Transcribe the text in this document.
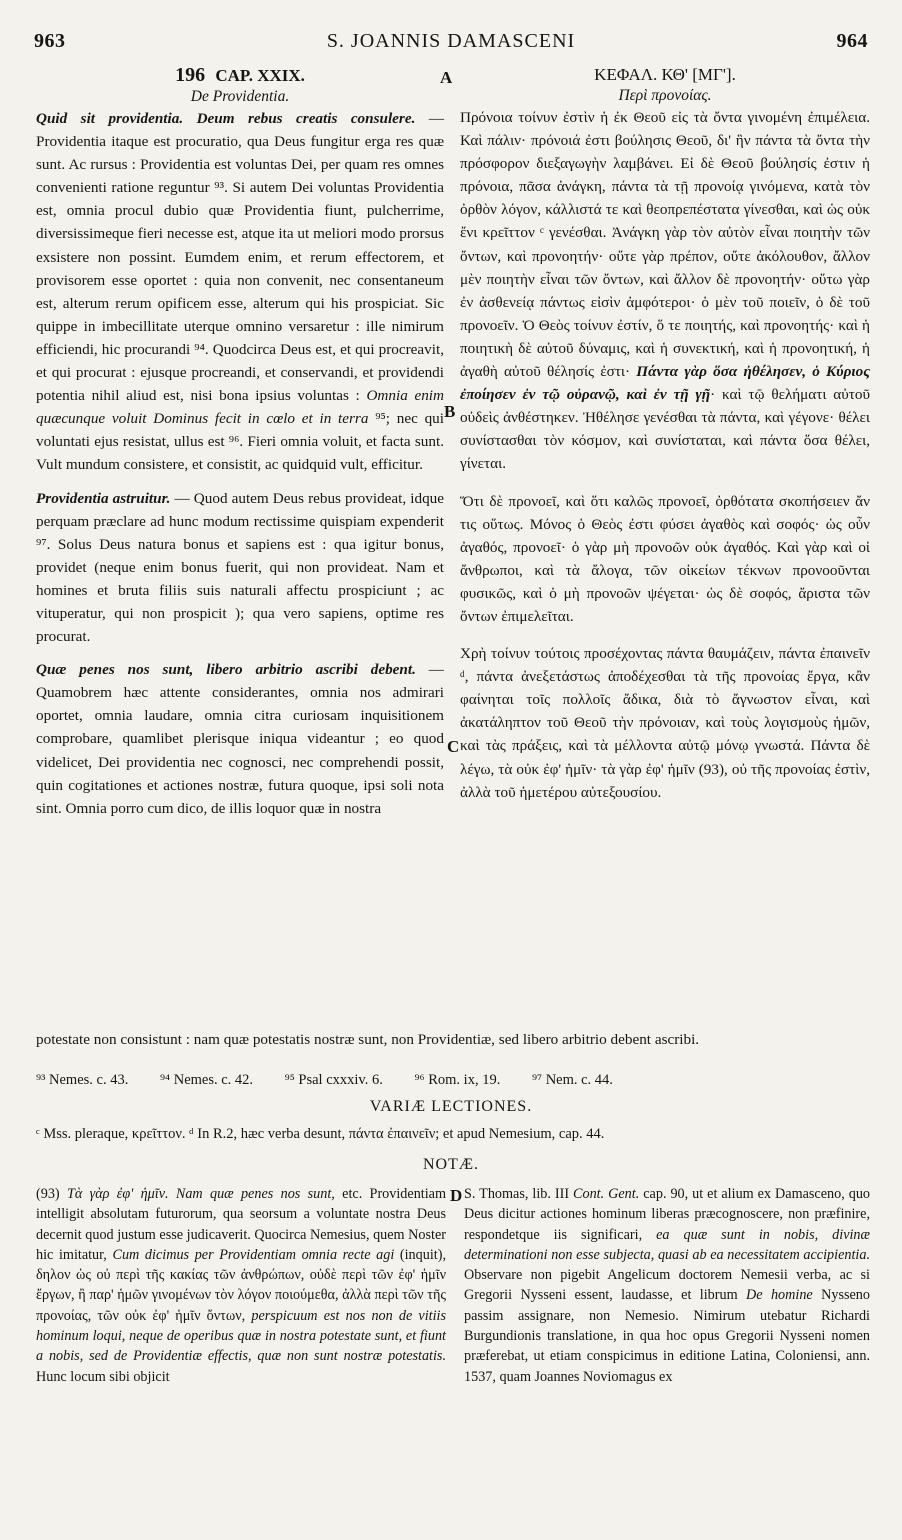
963	S. JOANNIS DAMASCENI	964
A
B
C
D

196 CAP. XXIX.

De Providentia.

Quid sit providentia. Deum rebus creatis consulere. —Providentia itaque est procuratio, qua Deus fungitur erga res quæ sunt. Ac rursus : Providentia est voluntas Dei, per quam res omnes convenienti ratione reguntur ⁹³. Si autem Dei voluntas Providentia est, omnia procul dubio quæ Providentia fiunt, pulcherrime, diversissimeque fieri necesse est, atque ita ut meliori modo prorsus exsistere non possint. Eumdem enim, et rerum effectorem, et provisorem esse oportet : quia non convenit, nec consentaneum est, alterum rerum opificem esse, alterum qui his prospiciat. Sic quippe in imbecillitate uterque omnino versaretur : ille nimirum efficiendi, hic procurandi ⁹⁴. Quodcirca Deus est, et qui procreavit, et qui procurat : ejusque procreandi, et conservandi, et providendi potentia nihil aliud est, nisi bona ipsius voluntas : Omnia enim quæcunque voluit Dominus fecit in cœlo et in terra ⁹⁵; nec qui voluntati ejus resistat, ullus est ⁹⁶. Fieri omnia voluit, et facta sunt. Vult mundum consistere, et consistit, ac quidquid vult, efficitur.

Providentia astruitur. — Quod autem Deus rebus provideat, idque perquam præclare ad hunc modum rectissime quispiam expenderit ⁹⁷. Solus Deus natura bonus et sapiens est : qua igitur bonus, providet (neque enim bonus fuerit, qui non provideat. Nam et homines et bruta filiis suis naturali affectu prospiciunt ; ac vituperatur, qui non prospicit ); qua vero sapiens, optime res procurat.

Quæ penes nos sunt, libero arbitrio ascribi debent. — Quamobrem hæc attente considerantes, omnia nos admirari oportet, omnia laudare, omnia citra curiosam inquisitionem comprobare, quamlibet plerisque iniqua videantur ; eo quod videlicet, Dei providentia nec cognosci, nec comprehendi possit, quin cogitationes et actiones nostræ, futura quoque, ipsi soli nota sint. Omnia porro cum dico, de illis loquor quæ in nostra

ΚΕΦΑΛ. ΚΘ' [ΜΓ'].

Περὶ προνοίας.

Πρόνοια τοίνυν ἐστὶν ἡ ἐκ Θεοῦ εἰς τὰ ὄντα γινομένη ἐπιμέλεια. Καὶ πάλιν· πρόνοιά ἐστι βούλησις Θεοῦ, δι' ἣν πάντα τὰ ὄντα τὴν πρόσφορον διεξαγωγὴν λαμβάνει. Εἰ δὲ Θεοῦ βούλησίς ἐστιν ἡ πρόνοια, πᾶσα ἀνάγκη, πάντα τὰ τῇ προνοίᾳ γινόμενα, κατὰ τὸν ὀρθὸν λόγον, κάλλιστά τε καὶ θεοπρεπέστατα γίνεσθαι, καὶ ὡς οὐκ ἔνι κρεῖττον ᶜ γενέσθαι. Ἀνάγκη γὰρ τὸν αὐτὸν εἶναι ποιητὴν τῶν ὄντων, καὶ προνοητήν· οὔτε γὰρ πρέπον, οὔτε ἀκόλουθον, ἄλλον μὲν ποιητὴν εἶναι τῶν ὄντων, καὶ ἄλλον δὲ προνοητήν· οὕτω γὰρ ἐν ἀσθενείᾳ πάντως εἰσὶν ἀμφότεροι· ὁ μὲν τοῦ ποιεῖν, ὁ δὲ τοῦ προνοεῖν. Ὁ Θεὸς τοίνυν ἐστίν, ὅ τε ποιητής, καὶ προνοητής· καὶ ἡ ποιητικὴ δὲ αὐτοῦ δύναμις, καὶ ἡ συνεκτική, καὶ ἡ προνοητική, ἡ ἀγαθὴ αὐτοῦ θέλησίς ἐστι· Πάντα γὰρ ὅσα ἠθέλησεν, ὁ Κύριος ἐποίησεν ἐν τῷ οὐρανῷ, καὶ ἐν τῇ γῇ· καὶ τῷ θελήματι αὐτοῦ οὐδεὶς ἀνθέστηκεν. Ἠθέλησε γενέσθαι τὰ πάντα, καὶ γέγονε· θέλει συνίστασθαι τὸν κόσμον, καὶ συνίσταται, καὶ πάντα ὅσα θέλει, γίνεται.

Ὅτι δὲ προνοεῖ, καὶ ὅτι καλῶς προνοεῖ, ὀρθότατα σκοπήσειεν ἄν τις οὕτως. Μόνος ὁ Θεὸς ἐστι φύσει ἀγαθὸς καὶ σοφός· ὡς οὖν ἀγαθός, προνοεῖ· ὁ γὰρ μὴ προνοῶν οὐκ ἀγαθός. Καὶ γὰρ καὶ οἱ ἄνθρωποι, καὶ τὰ ἄλογα, τῶν οἰκείων τέκνων προνοοῦνται φυσικῶς, καὶ ὁ μὴ προνοῶν ψέγεται· ὡς δὲ σοφός, ἄριστα τῶν ὄντων ἐπιμελεῖται.

Χρὴ τοίνυν τούτοις προσέχοντας πάντα θαυμάζειν, πάντα ἐπαινεῖν ᵈ, πάντα ἀνεξετάστως ἀποδέχεσθαι τὰ τῆς προνοίας ἔργα, κἂν φαίνηται τοῖς πολλοῖς ἄδικα, διὰ τὸ ἄγνωστον εἶναι, καὶ ἀκατάληπτον τοῦ Θεοῦ τὴν πρόνοιαν, καὶ τοὺς λογισμοὺς ἡμῶν, καὶ τὰς πράξεις, καὶ τὰ μέλλοντα αὐτῷ μόνῳ γνωστά. Πάντα δὲ λέγω, τὰ οὐκ ἐφ' ἡμῖν· τὰ γὰρ ἐφ' ἡμῖν (93), οὐ τῆς προνοίας ἐστὶν, ἀλλὰ τοῦ ἡμετέρου αὐτεξουσίου.

potestate non consistunt : nam quæ potestatis nostræ sunt, non Providentiæ, sed libero arbitrio debent ascribi.
⁹³ Nemes. c. 43. ⁹⁴ Nemes. c. 42. ⁹⁵ Psal cxxxiv. 6. ⁹⁶ Rom. ix, 19. ⁹⁷ Nem. c. 44.
VARIÆ LECTIONES.
ᶜ Mss. pleraque, κρεῖττον. ᵈ In R.2, hæc verba desunt, πάντα ἐπαινεῖν; et apud Nemesium, cap. 44.
NOTÆ.

(93) Τὰ γὰρ ἐφ' ἡμῖν. Nam quæ penes nos sunt, etc. Providentiam intelligit absolutam futurorum, qua seorsum a voluntate nostra Deus decernit quod justum esse judicaverit. Quocirca Nemesius, quem Noster hic imitatur, Cum dicimus per Providentiam omnia recte agi (inquit), δηλον ὡς οὐ περὶ τῆς κακίας τῶν ἀνθρώπων, οὐδὲ περὶ τῶν ἐφ' ἡμῖν ἔργων, ἢ παρ' ἡμῶν γινομένων τὸν λόγον ποιούμεθα, ἀλλὰ περὶ τῶν τῆς προνοίας, τῶν οὐκ ἐφ' ἡμῖν ὄντων, perspicuum est nos non de vitiis hominum loqui, neque de operibus quæ in nostra potestate sunt, et fiunt a nobis, sed de Providentiæ effectis, quæ non sunt nostræ potestatis. Hunc locum sibi objicit

S. Thomas, lib. III Cont. Gent. cap. 90, ut et alium ex Damasceno, quo Deus dicitur actiones hominum liberas præcognoscere, non præfinire, respondetque iis significari, ea quæ sunt in nobis, divinæ determinationi non esse subjecta, quasi ab ea necessitatem accipientia. Observare non pigebit Angelicum doctorem Nemesii verba, ac si Gregorii Nysseni essent, laudasse, et librum De homine Nysseno passim assignare, non Nemesio. Nimirum utebatur Richardi Burgundionis translatione, in qua hoc opus Gregorii Nysseni nomen præferebat, ut etiam conspicimus in editione Latina, Coloniensi, ann. 1537, quam Joannes Noviomagus ex
